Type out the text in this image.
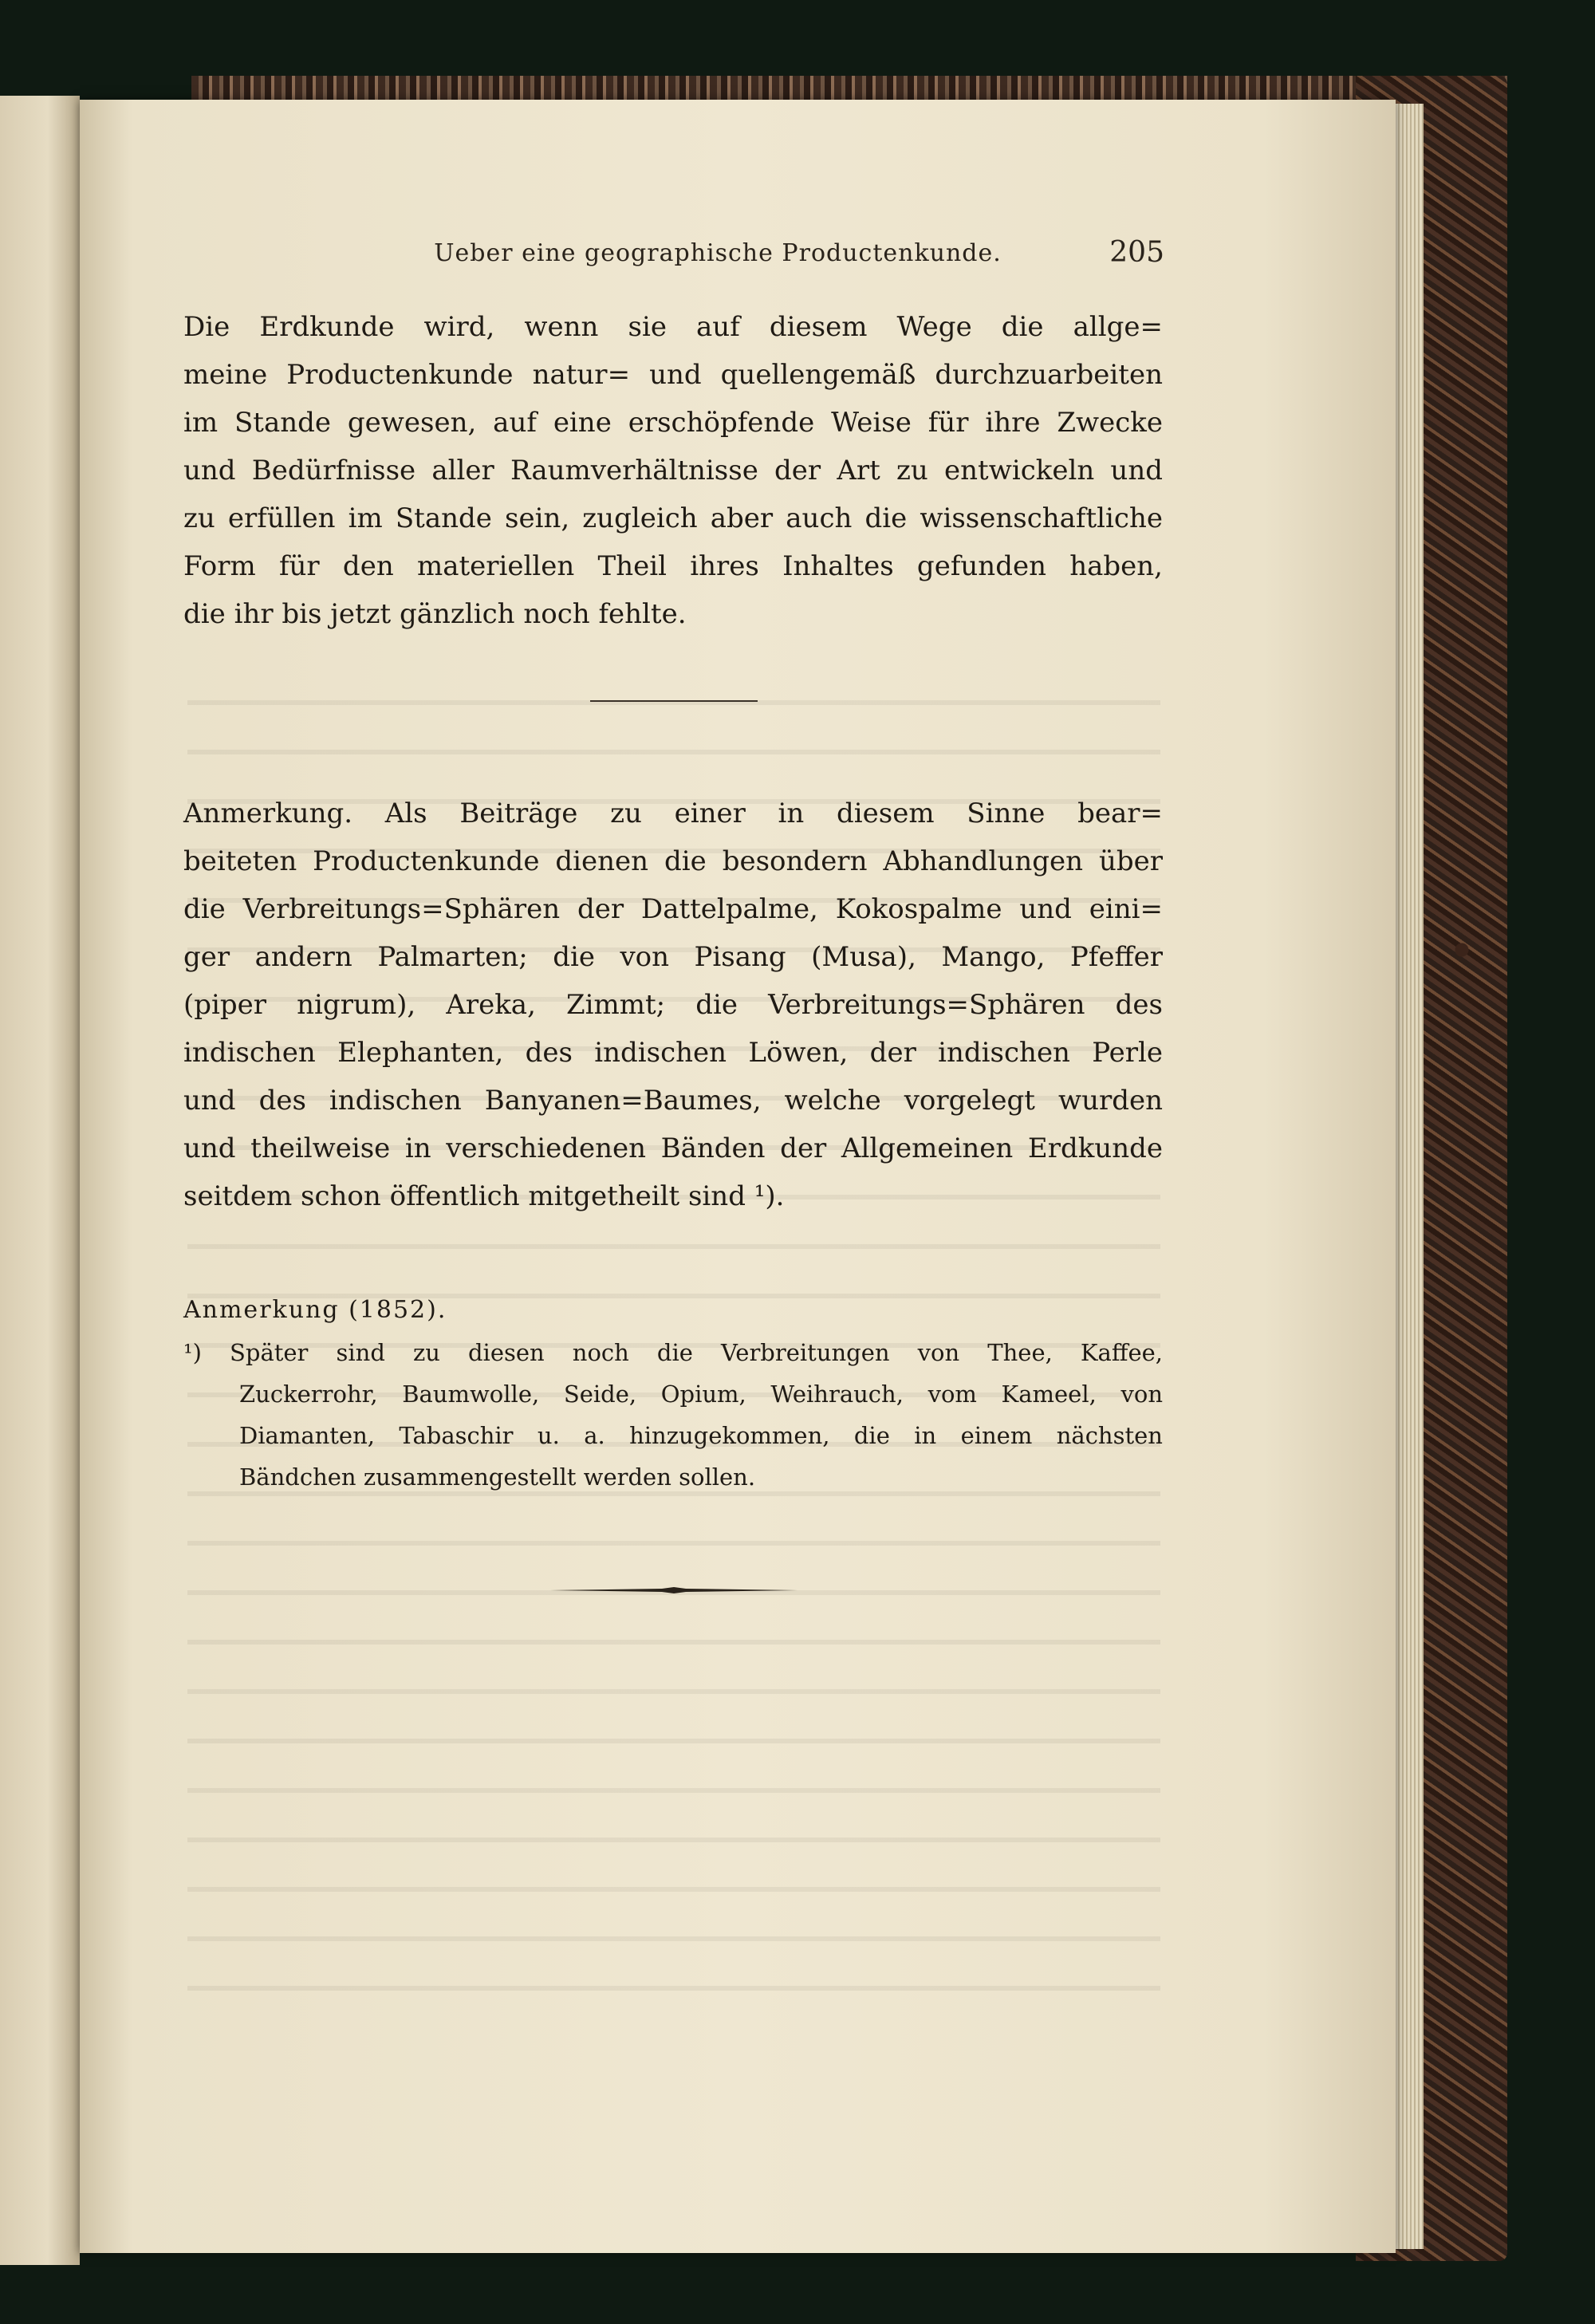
Ueber eine geographische Productenkunde.	205
Die Erdkunde wird, wenn sie auf diesem Wege die allge=
meine Productenkunde natur= und quellengemäß durchzuarbeiten
im Stande gewesen, auf eine erschöpfende Weise für ihre Zwecke
und Bedürfnisse aller Raumverhältnisse der Art zu entwickeln und
zu erfüllen im Stande sein, zugleich aber auch die wissenschaftliche
Form für den materiellen Theil ihres Inhaltes gefunden haben,
die ihr bis jetzt gänzlich noch fehlte.
Anmerkung. Als Beiträge zu einer in diesem Sinne bear=
beiteten Productenkunde dienen die besondern Abhandlungen über
die Verbreitungs=Sphären der Dattelpalme, Kokospalme und eini=
ger andern Palmarten; die von Pisang (Musa), Mango, Pfeffer
(piper nigrum), Areka, Zimmt; die Verbreitungs=Sphären des
indischen Elephanten, des indischen Löwen, der indischen Perle
und des indischen Banyanen=Baumes, welche vorgelegt wurden
und theilweise in verschiedenen Bänden der Allgemeinen Erdkunde
seitdem schon öffentlich mitgetheilt sind ¹).
Anmerkung (1852).
¹) Später sind zu diesen noch die Verbreitungen von Thee, Kaffee,
Zuckerrohr, Baumwolle, Seide, Opium, Weihrauch, vom Kameel, von
Diamanten, Tabaschir u. a. hinzugekommen, die in einem nächsten
Bändchen zusammengestellt werden sollen.
